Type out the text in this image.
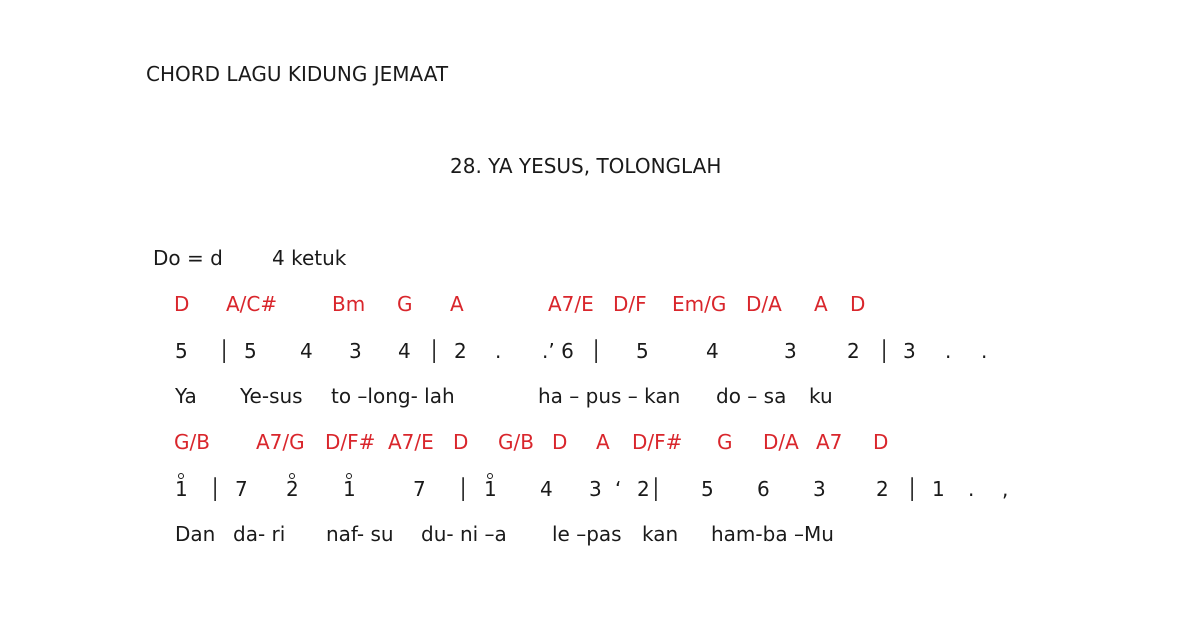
CHORD LAGU KIDUNG JEMAAT
28. YA YESUS, TOLONGLAH
Do = d 4 ketuk
D A/C#	Bm G A	A7/E D/F Em/G D/A A D
5 │ 5 4 3 4 │ 2 . .’ 6 │ 5	4	3	2 │ 3 . .
Ya Ye-sus to –long- lah	ha – pus – kan do – sa ku
G/B A7/G D/F# A7/E D G/B D A D/F# G D/A A7 D
1 │ 7 2 1	7 │ 1 4 3 ‘ 2│ 5 6 3	2 │ 1 . ,
Dan da- ri naf- su du- ni –a le –pas kan ham-ba –Mu
